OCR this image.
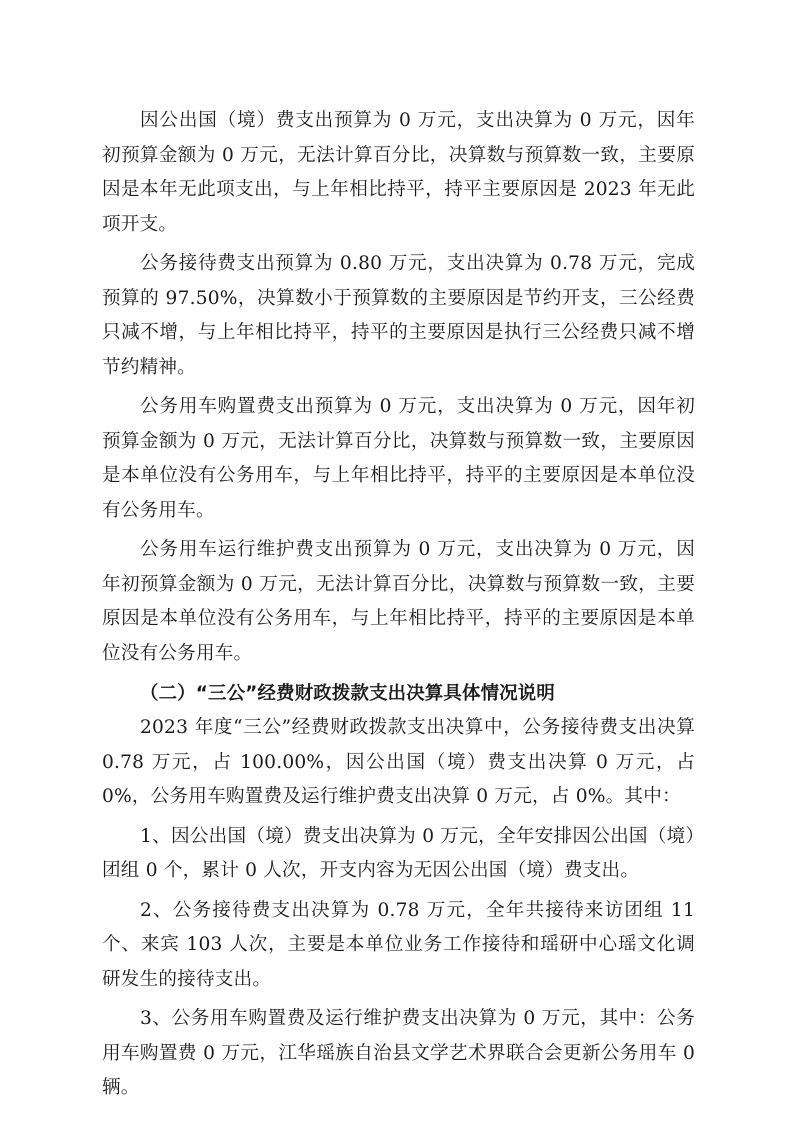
因公出国（境）费支出预算为 0 万元，支出决算为 0 万元，因年初预算金额为 0 万元，无法计算百分比，决算数与预算数一致，主要原因是本年无此项支出，与上年相比持平，持平主要原因是 2023 年无此项开支。

公务接待费支出预算为 0.80 万元，支出决算为 0.78 万元，完成预算的 97.50%，决算数小于预算数的主要原因是节约开支，三公经费只减不增，与上年相比持平，持平的主要原因是执行三公经费只减不增节约精神。

公务用车购置费支出预算为 0 万元，支出决算为 0 万元，因年初预算金额为 0 万元，无法计算百分比，决算数与预算数一致，主要原因是本单位没有公务用车，与上年相比持平，持平的主要原因是本单位没有公务用车。

公务用车运行维护费支出预算为 0 万元，支出决算为 0 万元，因年初预算金额为 0 万元，无法计算百分比，决算数与预算数一致，主要原因是本单位没有公务用车，与上年相比持平，持平的主要原因是本单位没有公务用车。

（二）“三公”经费财政拨款支出决算具体情况说明

2023 年度“三公”经费财政拨款支出决算中，公务接待费支出决算 0.78 万元，占 100.00%，因公出国（境）费支出决算 0 万元，占 0%，公务用车购置费及运行维护费支出决算 0 万元，占 0%。其中：

1、因公出国（境）费支出决算为 0 万元，全年安排因公出国（境）团组 0 个，累计 0 人次，开支内容为无因公出国（境）费支出。

2、公务接待费支出决算为 0.78 万元，全年共接待来访团组 11 个、来宾 103 人次，主要是本单位业务工作接待和瑶研中心瑶文化调研发生的接待支出。

3、公务用车购置费及运行维护费支出决算为 0 万元，其中：公务用车购置费 0 万元，江华瑶族自治县文学艺术界联合会更新公务用车 0 辆。
